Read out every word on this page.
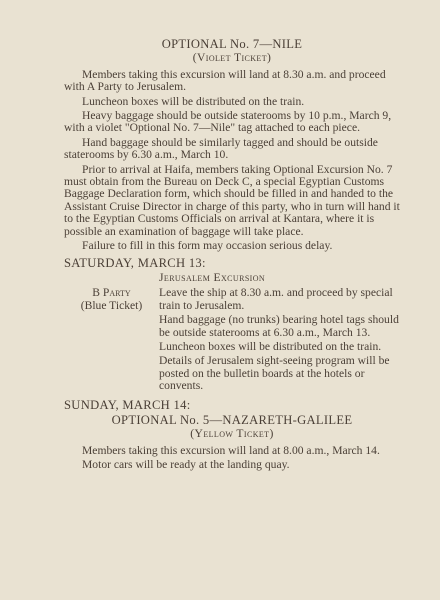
OPTIONAL No. 7—NILE
(Violet Ticket)

Members taking this excursion will land at 8.30 a.m. and proceed with A Party to Jerusalem.

Luncheon boxes will be distributed on the train.

Heavy baggage should be outside staterooms by 10 p.m., March 9, with a violet "Optional No. 7—Nile" tag attached to each piece.

Hand baggage should be similarly tagged and should be outside staterooms by 6.30 a.m., March 10.

Prior to arrival at Haifa, members taking Optional Excursion No. 7 must obtain from the Bureau on Deck C, a special Egyptian Customs Baggage Declaration form, which should be filled in and handed to the Assistant Cruise Director in charge of this party, who in turn will hand it to the Egyptian Customs Officials on arrival at Kantara, where it is possible an examination of baggage will take place.

Failure to fill in this form may occasion serious delay.

SATURDAY, MARCH 13:
Jerusalem Excursion
B Party
(Blue Ticket)

Leave the ship at 8.30 a.m. and proceed by special train to Jerusalem.

Hand baggage (no trunks) bearing hotel tags should be outside staterooms at 6.30 a.m., March 13.

Luncheon boxes will be distributed on the train.

Details of Jerusalem sight-seeing program will be posted on the bulletin boards at the hotels or convents.

SUNDAY, MARCH 14:
OPTIONAL No. 5—NAZARETH-GALILEE
(Yellow Ticket)

Members taking this excursion will land at 8.00 a.m., March 14.

Motor cars will be ready at the landing quay.
